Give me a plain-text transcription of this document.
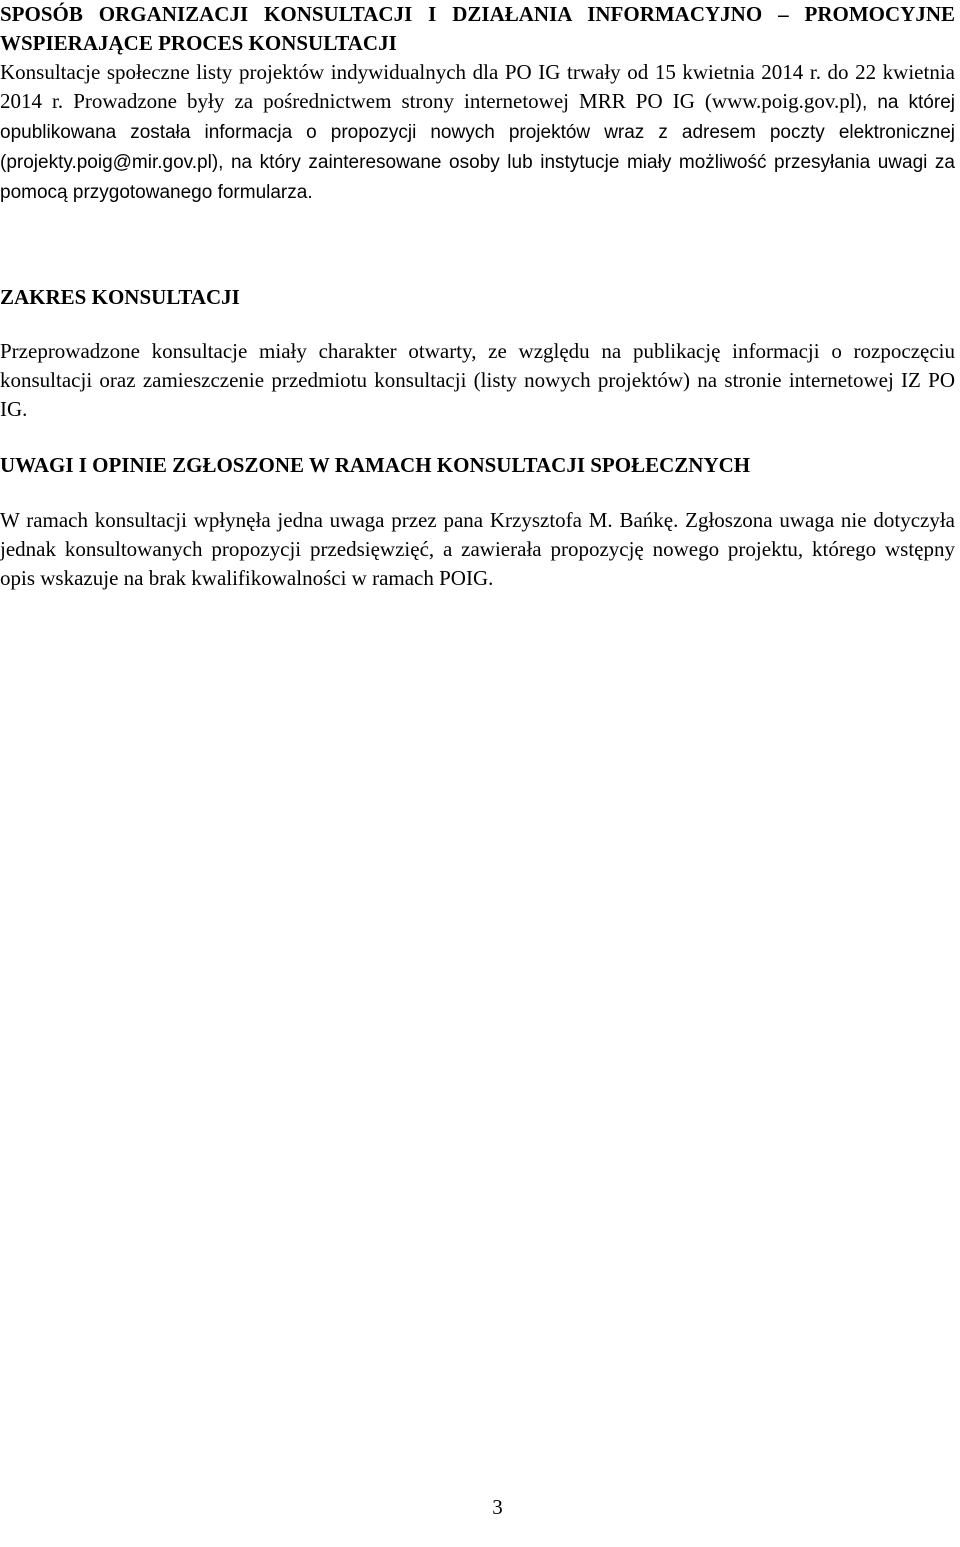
SPOSÓB ORGANIZACJI KONSULTACJI I DZIAŁANIA INFORMACYJNO – PROMOCYJNE WSPIERAJĄCE PROCES KONSULTACJI

Konsultacje społeczne listy projektów indywidualnych dla PO IG trwały od 15 kwietnia 2014 r. do 22 kwietnia 2014 r. Prowadzone były za pośrednictwem strony internetowej MRR PO IG (www.poig.gov.pl), na której opublikowana została informacja o propozycji nowych projektów wraz z adresem poczty elektronicznej (projekty.poig@mir.gov.pl), na który zainteresowane osoby lub instytucje miały możliwość przesyłania uwagi za pomocą przygotowanego formularza.

ZAKRES KONSULTACJI

Przeprowadzone konsultacje miały charakter otwarty, ze względu na publikację informacji o rozpoczęciu konsultacji oraz zamieszczenie przedmiotu konsultacji (listy nowych projektów) na stronie internetowej IZ PO IG.

UWAGI I OPINIE ZGŁOSZONE W RAMACH KONSULTACJI SPOŁECZNYCH

W ramach konsultacji wpłynęła jedna uwaga przez pana Krzysztofa M. Bańkę. Zgłoszona uwaga nie dotyczyła jednak konsultowanych propozycji przedsięwzięć, a zawierała propozycję nowego projektu, którego wstępny opis wskazuje na brak kwalifikowalności w ramach POIG.

3
